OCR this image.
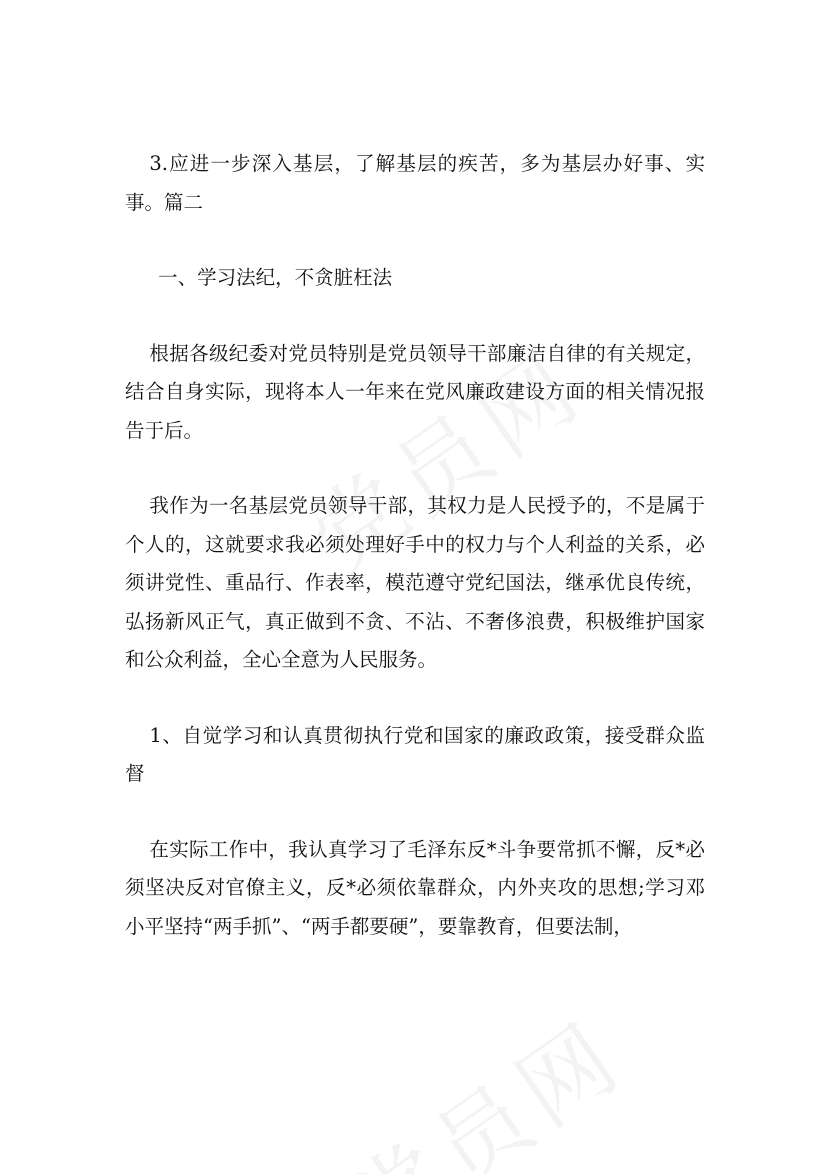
3.应进一步深入基层，了解基层的疾苦，多为基层办好事、实事。篇二

一、学习法纪，不贪脏枉法

根据各级纪委对党员特别是党员领导干部廉洁自律的有关规定，结合自身实际，现将本人一年来在党风廉政建设方面的相关情况报告于后。

我作为一名基层党员领导干部，其权力是人民授予的，不是属于个人的，这就要求我必须处理好手中的权力与个人利益的关系，必须讲党性、重品行、作表率，模范遵守党纪国法，继承优良传统，弘扬新风正气，真正做到不贪、不沾、不奢侈浪费，积极维护国家和公众利益，全心全意为人民服务。

1、自觉学习和认真贯彻执行党和国家的廉政政策，接受群众监督

在实际工作中，我认真学习了毛泽东反*斗争要常抓不懈，反*必须坚决反对官僚主义，反*必须依靠群众，内外夹攻的思想;学习邓小平坚持“两手抓”、“两手都要硬”，要靠教育，但要法制，
